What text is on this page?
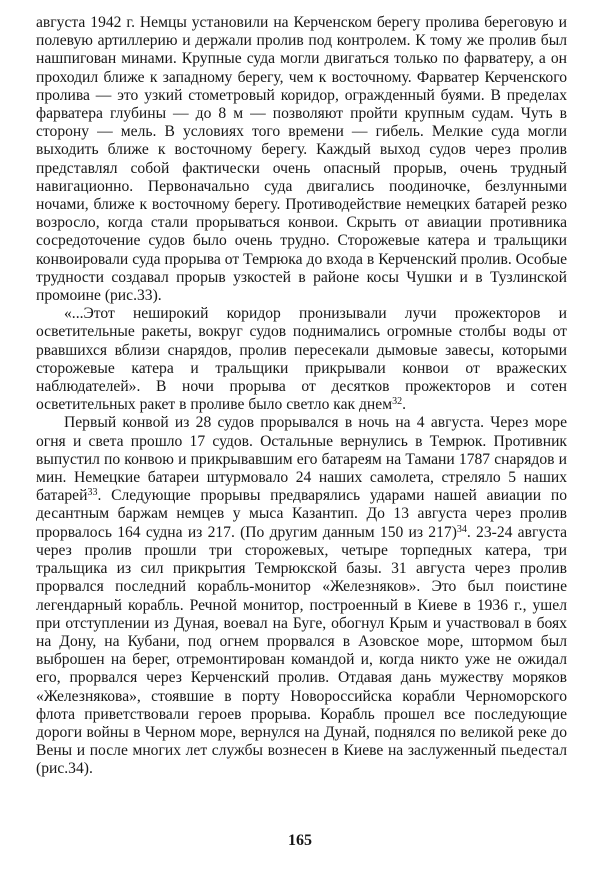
августа 1942 г. Немцы установили на Керченском берегу пролива береговую и полевую артиллерию и держали пролив под контролем. К тому же пролив был нашпигован минами. Крупные суда могли двигаться только по фарватеру, а он проходил ближе к западному берегу, чем к восточному. Фарватер Керченского пролива — это узкий стометровый коридор, огражденный буями. В пределах фарватера глубины — до 8 м — позволяют пройти крупным судам. Чуть в сторону — мель. В условиях того времени — гибель. Мелкие суда могли выходить ближе к восточному берегу. Каждый выход судов через пролив представлял собой фактически очень опасный прорыв, очень трудный навигационно. Первоначально суда двигались поодиночке, безлунными ночами, ближе к восточному берегу. Противодействие немецких батарей резко возросло, когда стали прорываться конвои. Скрыть от авиации противника сосредоточение судов было очень трудно. Сторожевые катера и тральщики конвоировали суда прорыва от Темрюка до входа в Керченский пролив. Особые трудности создавал прорыв узкостей в районе косы Чушки и в Тузлинской промоине (рис.33).

«...Этот неширокий коридор пронизывали лучи прожекторов и осветительные ракеты, вокруг судов поднимались огромные столбы воды от рвавшихся вблизи снарядов, пролив пересекали дымовые завесы, которыми сторожевые катера и тральщики прикрывали конвои от вражеских наблюдателей». В ночи прорыва от десятков прожекторов и сотен осветительных ракет в проливе было светло как днем$^{32}$.

Первый конвой из 28 судов прорывался в ночь на 4 августа. Через море огня и света прошло 17 судов. Остальные вернулись в Темрюк. Противник выпустил по конвою и прикрывавшим его батареям на Тамани 1787 снарядов и мин. Немецкие батареи штурмовало 24 наших самолета, стреляло 5 наших батарей$^{33}$. Следующие прорывы предварялись ударами нашей авиации по десантным баржам немцев у мыса Казантип. До 13 августа через пролив прорвалось 164 судна из 217. (По другим данным 150 из 217)$^{34}$. 23-24 августа через пролив прошли три сторожевых, четыре торпедных катера, три тральщика из сил прикрытия Темрюкской базы. 31 августа через пролив прорвался последний корабль-монитор «Железняков». Это был поистине легендарный корабль. Речной монитор, построенный в Киеве в 1936 г., ушел при отступлении из Дуная, воевал на Буге, обогнул Крым и участвовал в боях на Дону, на Кубани, под огнем прорвался в Азовское море, штормом был выброшен на берег, отремонтирован командой и, когда никто уже не ожидал его, прорвался через Керченский пролив. Отдавая дань мужеству моряков «Железнякова», стоявшие в порту Новороссийска корабли Черноморского флота приветствовали героев прорыва. Корабль прошел все последующие дороги войны в Черном море, вернулся на Дунай, поднялся по великой реке до Вены и после многих лет службы вознесен в Киеве на заслуженный пьедестал (рис.34).

165
